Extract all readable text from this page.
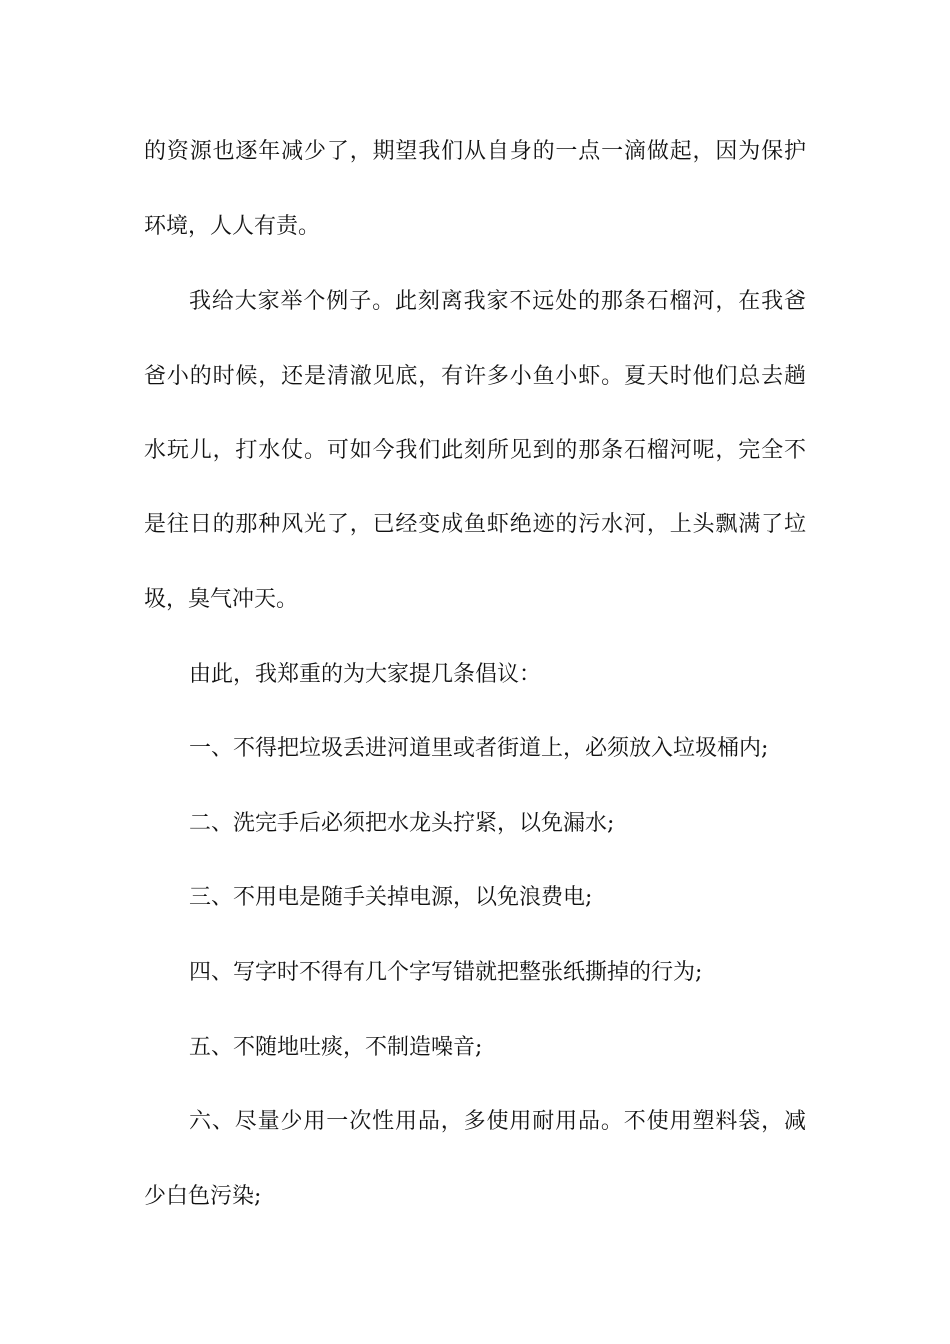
的资源也逐年减少了，期望我们从自身的一点一滴做起，因为保护
环境，人人有责。
我给大家举个例子。此刻离我家不远处的那条石榴河，在我爸
爸小的时候，还是清澈见底，有许多小鱼小虾。夏天时他们总去趟
水玩儿，打水仗。可如今我们此刻所见到的那条石榴河呢，完全不
是往日的那种风光了，已经变成鱼虾绝迹的污水河，上头飘满了垃
圾，臭气冲天。
由此，我郑重的为大家提几条倡议：
一、不得把垃圾丢进河道里或者街道上，必须放入垃圾桶内;
二、洗完手后必须把水龙头拧紧，以免漏水;
三、不用电是随手关掉电源，以免浪费电;
四、写字时不得有几个字写错就把整张纸撕掉的行为;
五、不随地吐痰，不制造噪音;
六、尽量少用一次性用品，多使用耐用品。不使用塑料袋，减
少白色污染;
